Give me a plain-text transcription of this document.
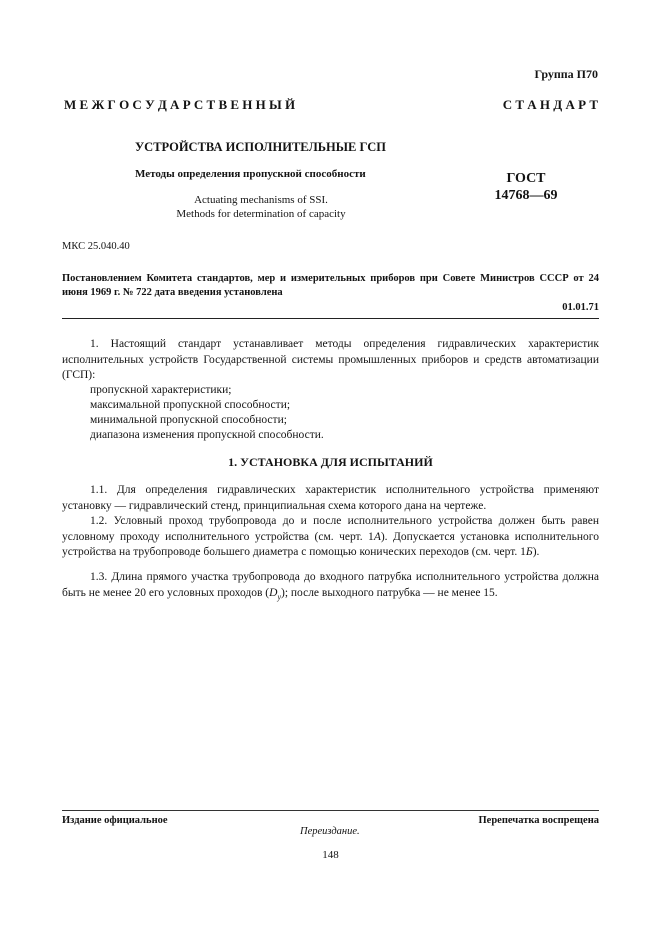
Группа П70
М Е Ж Г О С У Д А Р С Т В Е Н Н Ы Й	С Т А Н Д А Р Т
УСТРОЙСТВА ИСПОЛНИТЕЛЬНЫЕ ГСП
Методы определения пропускной способности
Actuating mechanisms of SSI.
Methods for determination of capacity
ГОСТ
14768—69
МКС 25.040.40
Постановлением Комитета стандартов, мер и измерительных приборов при Совете Министров СССР от 24 июня 1969 г. № 722 дата введения установлена
01.01.71
1. Настоящий стандарт устанавливает методы определения гидравлических характеристик исполнительных устройств Государственной системы промышленных приборов и средств автоматизации (ГСП):
пропускной характеристики;
максимальной пропускной способности;
минимальной пропускной способности;
диапазона изменения пропускной способности.
1. УСТАНОВКА ДЛЯ ИСПЫТАНИЙ
1.1. Для определения гидравлических характеристик исполнительного устройства применяют установку — гидравлический стенд, принципиальная схема которого дана на чертеже.
1.2. Условный проход трубопровода до и после исполнительного устройства должен быть равен условному проходу исполнительного устройства (см. черт. 1А). Допускается установка исполнительного устройства на трубопроводе большего диаметра с помощью конических переходов (см. черт. 1Б).
1.3. Длина прямого участка трубопровода до входного патрубка исполнительного устройства должна быть не менее 20 его условных проходов $(D_y)$; после выходного патрубка — не менее 15.
Издание официальное	Перепечатка воспрещена
Переиздание.
148
